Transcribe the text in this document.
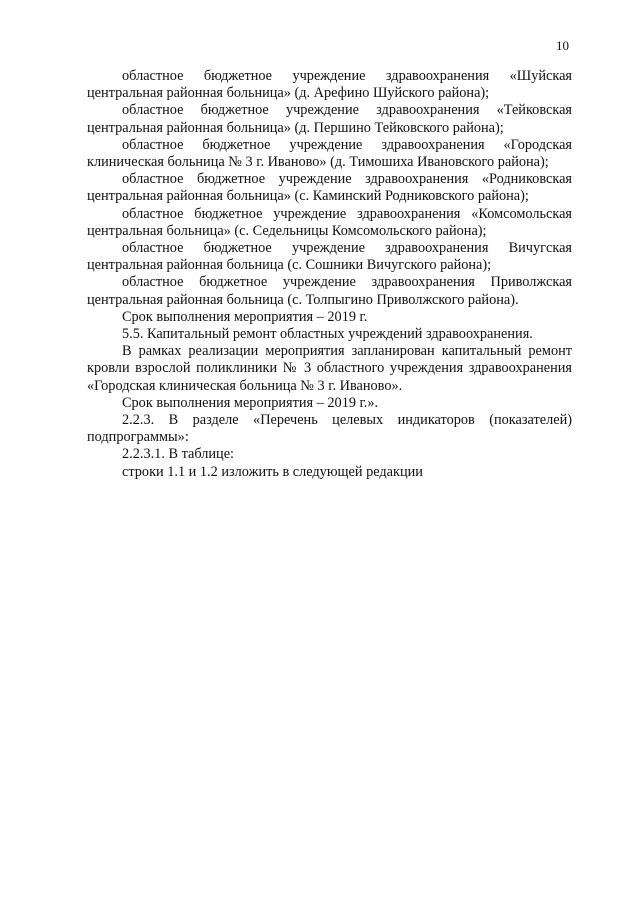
10

областное бюджетное учреждение здравоохранения «Шуйская центральная районная больница» (д. Арефино Шуйского района);

областное бюджетное учреждение здравоохранения «Тейковская центральная районная больница» (д. Першино Тейковского района);

областное бюджетное учреждение здравоохранения «Городская клиническая больница № 3 г. Иваново» (д. Тимошиха Ивановского района);

областное бюджетное учреждение здравоохранения «Родниковская центральная районная больница» (с. Каминский Родниковского района);

областное бюджетное учреждение здравоохранения «Комсомольская центральная больница» (с. Седельницы Комсомольского района);

областное бюджетное учреждение здравоохранения Вичугская центральная районная больница (с. Сошники Вичугского района);

областное бюджетное учреждение здравоохранения Приволжская центральная районная больница (с. Толпыгино Приволжского района).

Срок выполнения мероприятия – 2019 г.

5.5. Капитальный ремонт областных учреждений здравоохранения.

В рамках реализации мероприятия запланирован капитальный ремонт кровли взрослой поликлиники № 3 областного учреждения здравоохранения «Городская клиническая больница № 3 г. Иваново».

Срок выполнения мероприятия – 2019 г.».

2.2.3. В разделе «Перечень целевых индикаторов (показателей) подпрограммы»:

2.2.3.1. В таблице:

строки 1.1 и 1.2 изложить в следующей редакции
